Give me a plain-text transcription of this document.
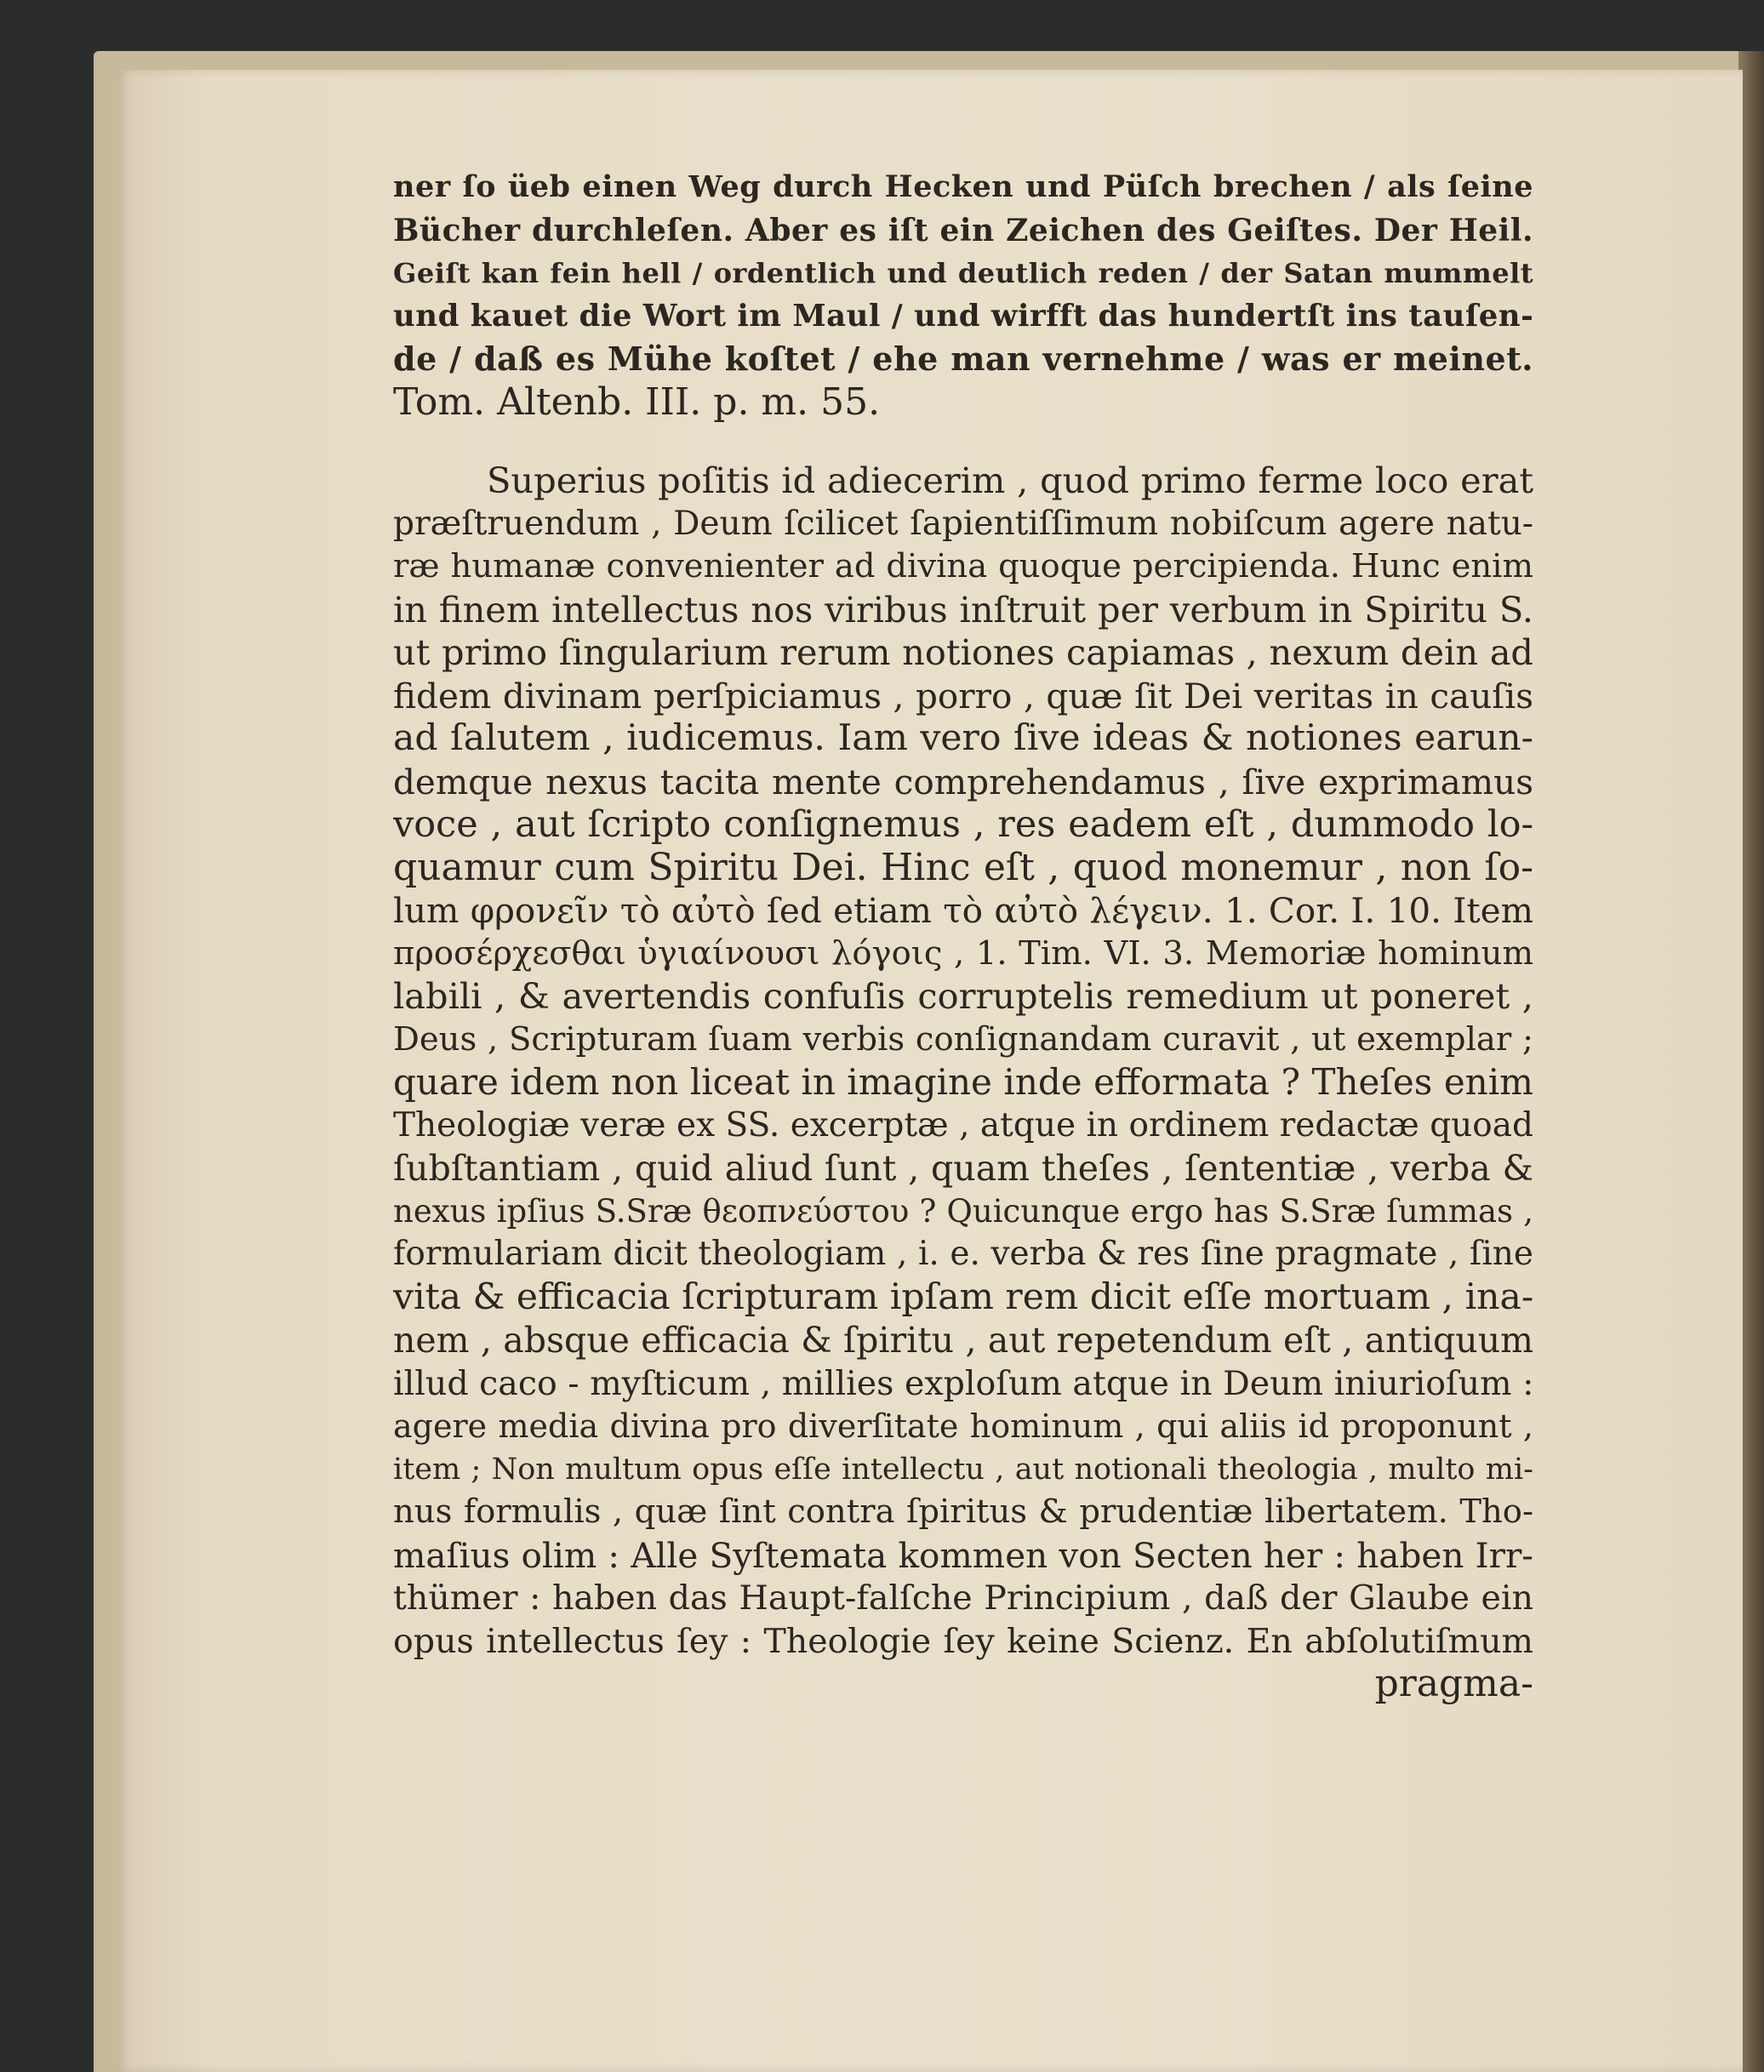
ner ſo üeb einen Weg durch Hecken und Püſch brechen / als ſeine
Bücher durchleſen. Aber es iſt ein Zeichen des Geiſtes. Der Heil.
Geiſt kan fein hell / ordentlich und deutlich reden / der Satan mummelt
und kauet die Wort im Maul / und wirfft das hundertſt ins tauſen-
de / daß es Mühe koſtet / ehe man vernehme / was er meinet.
Tom. Altenb. III. p. m. 55.
Superius poſitis id adiecerim , quod primo ferme loco erat
præſtruendum , Deum ſcilicet ſapientiſſimum nobiſcum agere natu-
ræ humanæ convenienter ad divina quoque percipienda. Hunc enim
in finem intellectus nos viribus inſtruit per verbum in Spiritu S.
ut primo ſingularium rerum notiones capiamas , nexum dein ad
fidem divinam perſpiciamus , porro , quæ ſit Dei veritas in cauſis
ad ſalutem , iudicemus. Iam vero ſive ideas & notiones earun-
demque nexus tacita mente comprehendamus , ſive exprimamus
voce , aut ſcripto conſignemus , res eadem eſt , dummodo lo-
quamur cum Spiritu Dei. Hinc eſt , quod monemur , non ſo-
lum φρονεῖν τὸ αὐτὸ ſed etiam τὸ αὐτὸ λέγειν. 1. Cor. I. 10. Item
προσέρχεσθαι ὑγιαίνουσι λόγοις , 1. Tim. VI. 3. Memoriæ hominum
labili , & avertendis confuſis corruptelis remedium ut poneret ,
Deus , Scripturam ſuam verbis conſignandam curavit , ut exemplar ;
quare idem non liceat in imagine inde efformata ? Theſes enim
Theologiæ veræ ex SS. excerptæ , atque in ordinem redactæ quoad
ſubſtantiam , quid aliud ſunt , quam theſes , ſententiæ , verba &
nexus ipſius S.Sræ θεοπνεύστου ? Quicunque ergo has S.Sræ ſummas ,
formulariam dicit theologiam , i. e. verba & res ſine pragmate , ſine
vita & efficacia ſcripturam ipſam rem dicit eſſe mortuam , ina-
nem , absque efficacia & ſpiritu , aut repetendum eſt , antiquum
illud caco - myſticum , millies exploſum atque in Deum iniurioſum :
agere media divina pro diverſitate hominum , qui aliis id proponunt ,
item ; Non multum opus eſſe intellectu , aut notionali theologia , multo mi-
nus formulis , quæ ſint contra ſpiritus & prudentiæ libertatem. Tho-
maſius olim : Alle Syſtemata kommen von Secten her : haben Irr-
thümer : haben das Haupt-falſche Principium , daß der Glaube ein
opus intellectus ſey : Theologie ſey keine Scienz. En abſolutiſmum
pragma-
